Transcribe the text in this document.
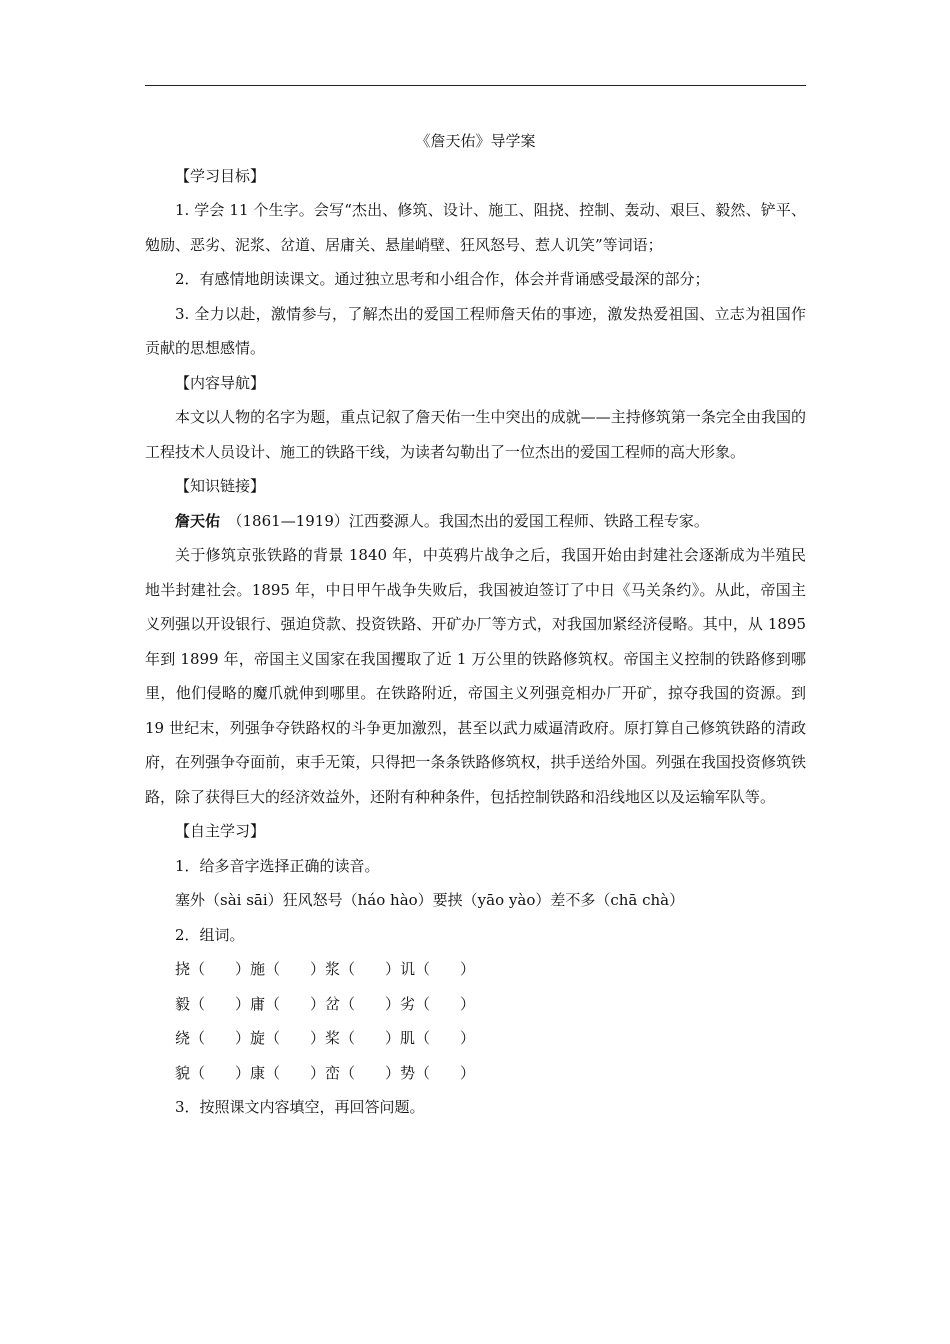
《詹天佑》导学案
【学习目标】
1. 学会 11 个生字。会写“杰出、修筑、设计、施工、阻挠、控制、轰动、艰巨、毅然、铲平、勉励、恶劣、泥浆、岔道、居庸关、悬崖峭壁、狂风怒号、惹人讥笑”等词语；
2．有感情地朗读课文。通过独立思考和小组合作，体会并背诵感受最深的部分；
3. 全力以赴，激情参与，了解杰出的爱国工程师詹天佑的事迹，激发热爱祖国、立志为祖国作贡献的思想感情。
【内容导航】
本文以人物的名字为题，重点记叙了詹天佑一生中突出的成就——主持修筑第一条完全由我国的工程技术人员设计、施工的铁路干线，为读者勾勒出了一位杰出的爱国工程师的高大形象。
【知识链接】
詹天佑　（1861—1919）江西婺源人。我国杰出的爱国工程师、铁路工程专家。
关于修筑京张铁路的背景 1840 年，中英鸦片战争之后，我国开始由封建社会逐渐成为半殖民地半封建社会。1895 年，中日甲午战争失败后，我国被迫签订了中日《马关条约》。从此，帝国主义列强以开设银行、强迫贷款、投资铁路、开矿办厂等方式，对我国加紧经济侵略。其中，从 1895 年到 1899 年，帝国主义国家在我国攫取了近 1 万公里的铁路修筑权。帝国主义控制的铁路修到哪里，他们侵略的魔爪就伸到哪里。在铁路附近，帝国主义列强竞相办厂开矿，掠夺我国的资源。到 19 世纪末，列强争夺铁路权的斗争更加激烈，甚至以武力威逼清政府。原打算自己修筑铁路的清政府，在列强争夺面前，束手无策，只得把一条条铁路修筑权，拱手送给外国。列强在我国投资修筑铁路，除了获得巨大的经济效益外，还附有种种条件，包括控制铁路和沿线地区以及运输军队等。
【自主学习】
1．给多音字选择正确的读音。
塞外（sài sāi）狂风怒号（háo hào）要挟（yāo yào）差不多（chā chà）
2．组词。
挠（　　）施（　　）浆（　　）讥（　　）
毅（　　）庸（　　）岔（　　）劣（　　）
绕（　　）旋（　　）桨（　　）肌（　　）
貌（　　）康（　　）峦（　　）势（　　）
3．按照课文内容填空，再回答问题。
